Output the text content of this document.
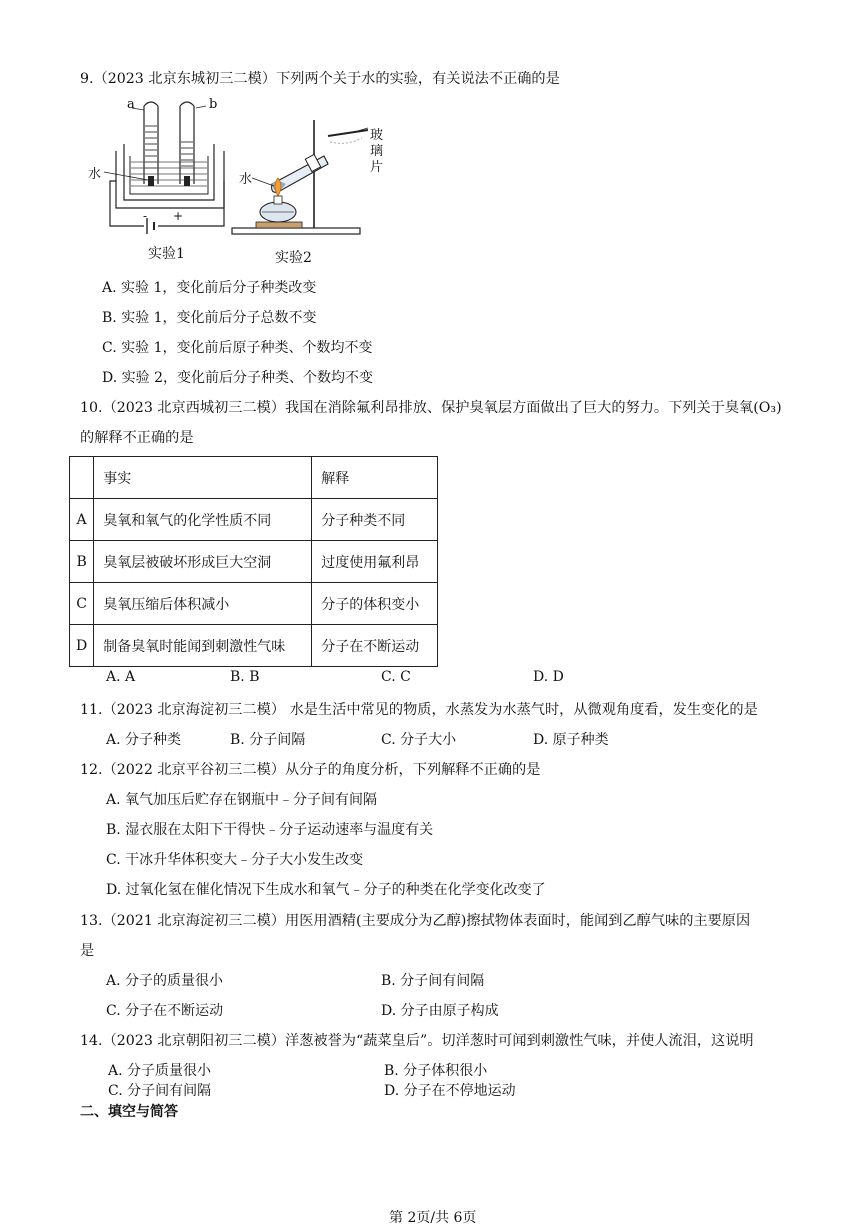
9.（2023 北京东城初三二模）下列两个关于水的实验，有关说法不正确的是
a	b
水
- +
实验1
水
玻
璃
片
实验2
A. 实验 1，变化前后分子种类改变
B. 实验 1，变化前后分子总数不变
C. 实验 1，变化前后原子种类、个数均不变
D. 实验 2，变化前后分子种类、个数均不变
10.（2023 北京西城初三二模）我国在消除氟利昂排放、保护臭氧层方面做出了巨大的努力。下列关于臭氧(O₃)
的解释不正确的是
	事实	解释
A	臭氧和氧气的化学性质不同	分子种类不同
B	臭氧层被破坏形成巨大空洞	过度使用氟利昂
C	臭氧压缩后体积减小	分子的体积变小
D	制备臭氧时能闻到刺激性气味	分子在不断运动
A. A	B. B	C. C	D. D
11.（2023 北京海淀初三二模） 水是生活中常见的物质，水蒸发为水蒸气时，从微观角度看，发生变化的是
A. 分子种类	B. 分子间隔	C. 分子大小	D. 原子种类
12.（2022 北京平谷初三二模）从分子的角度分析，下列解释不正确的是
A. 氧气加压后贮存在钢瓶中﹣分子间有间隔
B. 湿衣服在太阳下干得快﹣分子运动速率与温度有关
C. 干冰升华体积变大﹣分子大小发生改变
D. 过氧化氢在催化情况下生成水和氧气﹣分子的种类在化学变化改变了
13.（2021 北京海淀初三二模）用医用酒精(主要成分为乙醇)擦拭物体表面时，能闻到乙醇气味的主要原因
是
A. 分子的质量很小	B. 分子间有间隔
C. 分子在不断运动	D. 分子由原子构成
14.（2023 北京朝阳初三二模）洋葱被誉为“蔬菜皇后”。切洋葱时可闻到刺激性气味，并使人流泪，这说明
A. 分子质量很小	B. 分子体积很小
C. 分子间有间隔	D. 分子在不停地运动
二、填空与简答
第 2页/共 6页
